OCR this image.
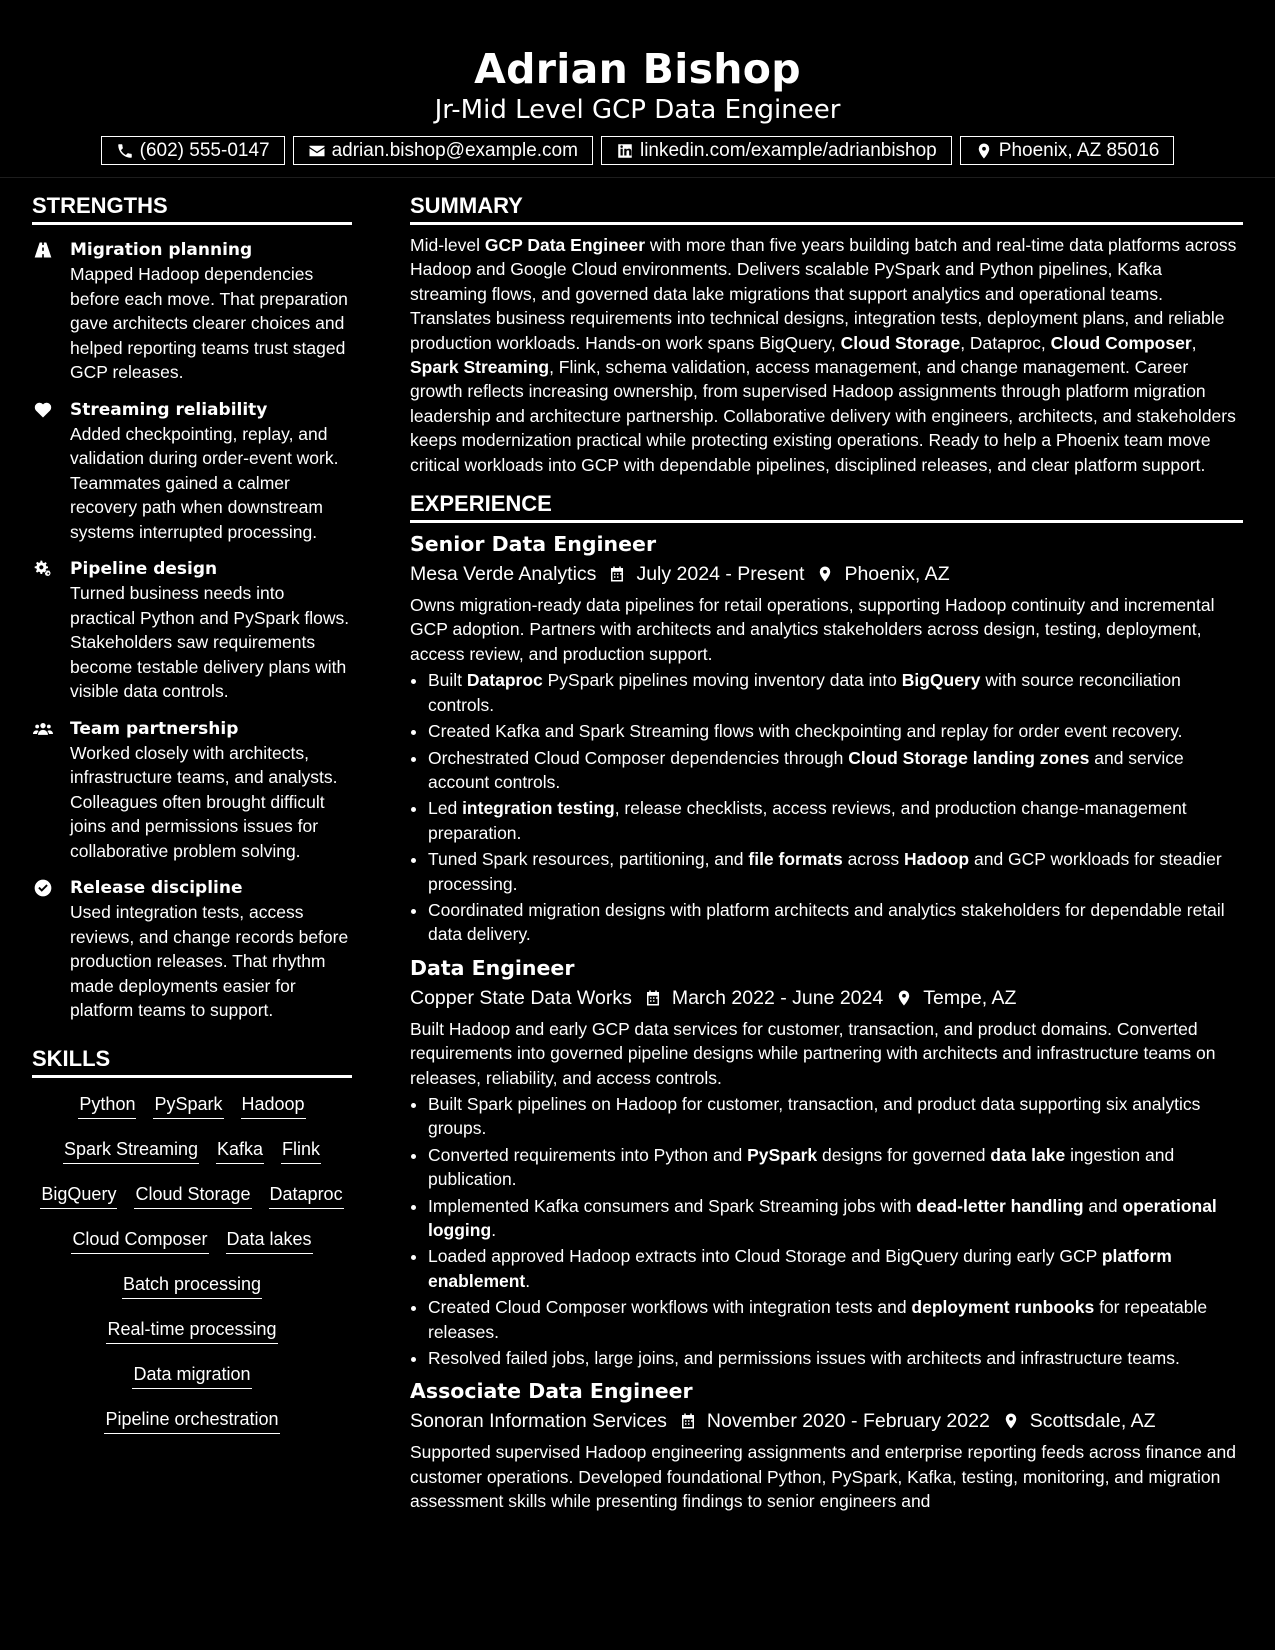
Adrian Bishop
Jr-Mid Level GCP Data Engineer
(602) 555-0147	adrian.bishop@example.com	linkedin.com/example/adrianbishop	Phoenix, AZ 85016
STRENGTHS
Migration planning
Mapped Hadoop dependencies before each move. That preparation gave architects clearer choices and helped reporting teams trust staged GCP releases.
Streaming reliability
Added checkpointing, replay, and validation during order-event work. Teammates gained a calmer recovery path when downstream systems interrupted processing.
Pipeline design
Turned business needs into practical Python and PySpark flows. Stakeholders saw requirements become testable delivery plans with visible data controls.
Team partnership
Worked closely with architects, infrastructure teams, and analysts. Colleagues often brought difficult joins and permissions issues for collaborative problem solving.
Release discipline
Used integration tests, access reviews, and change records before production releases. That rhythm made deployments easier for platform teams to support.
SKILLS
Python PySpark Hadoop
Spark Streaming Kafka Flink
BigQuery Cloud Storage Dataproc
Cloud Composer Data lakes
Batch processing
Real-time processing
Data migration
Pipeline orchestration
SUMMARY
Mid-level GCP Data Engineer with more than five years building batch and real-time data platforms across Hadoop and Google Cloud environments. Delivers scalable PySpark and Python pipelines, Kafka streaming flows, and governed data lake migrations that support analytics and operational teams. Translates business requirements into technical designs, integration tests, deployment plans, and reliable production workloads. Hands-on work spans BigQuery, Cloud Storage, Dataproc, Cloud Composer, Spark Streaming, Flink, schema validation, access management, and change management. Career growth reflects increasing ownership, from supervised Hadoop assignments through platform migration leadership and architecture partnership. Collaborative delivery with engineers, architects, and stakeholders keeps modernization practical while protecting existing operations. Ready to help a Phoenix team move critical workloads into GCP with dependable pipelines, disciplined releases, and clear platform support.
EXPERIENCE
Senior Data Engineer
Mesa Verde Analytics July 2024 - Present Phoenix, AZ
Owns migration-ready data pipelines for retail operations, supporting Hadoop continuity and incremental GCP adoption. Partners with architects and analytics stakeholders across design, testing, deployment, access review, and production support.
• Built Dataproc PySpark pipelines moving inventory data into BigQuery with source reconciliation controls.
• Created Kafka and Spark Streaming flows with checkpointing and replay for order event recovery.
• Orchestrated Cloud Composer dependencies through Cloud Storage landing zones and service account controls.
• Led integration testing, release checklists, access reviews, and production change-management preparation.
• Tuned Spark resources, partitioning, and file formats across Hadoop and GCP workloads for steadier processing.
• Coordinated migration designs with platform architects and analytics stakeholders for dependable retail data delivery.
Data Engineer
Copper State Data Works March 2022 - June 2024 Tempe, AZ
Built Hadoop and early GCP data services for customer, transaction, and product domains. Converted requirements into governed pipeline designs while partnering with architects and infrastructure teams on releases, reliability, and access controls.
• Built Spark pipelines on Hadoop for customer, transaction, and product data supporting six analytics groups.
• Converted requirements into Python and PySpark designs for governed data lake ingestion and publication.
• Implemented Kafka consumers and Spark Streaming jobs with dead-letter handling and operational logging.
• Loaded approved Hadoop extracts into Cloud Storage and BigQuery during early GCP platform enablement.
• Created Cloud Composer workflows with integration tests and deployment runbooks for repeatable releases.
• Resolved failed jobs, large joins, and permissions issues with architects and infrastructure teams.
Associate Data Engineer
Sonoran Information Services November 2020 - February 2022 Scottsdale, AZ
Supported supervised Hadoop engineering assignments and enterprise reporting feeds across finance and customer operations. Developed foundational Python, PySpark, Kafka, testing, monitoring, and migration assessment skills while presenting findings to senior engineers and
